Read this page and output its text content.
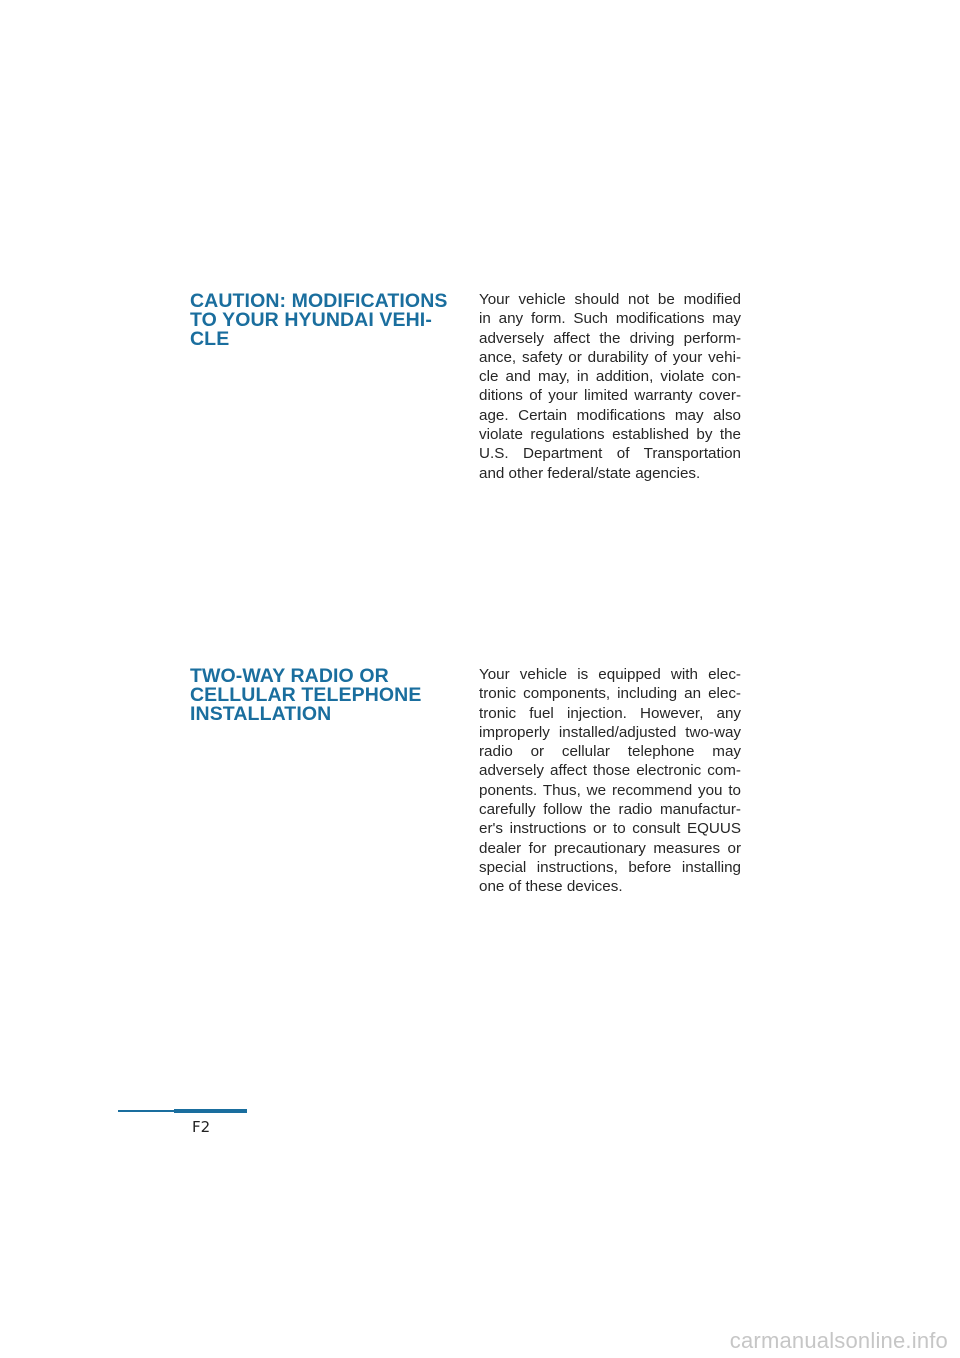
CAUTION: MODIFICATIONS
TO YOUR HYUNDAI VEHI-
CLE
Your vehicle should not be modified
in any form. Such modifications may
adversely affect the driving perform-
ance, safety or durability of your vehi-
cle and may, in addition, violate con-
ditions of your limited warranty cover-
age. Certain modifications may also
violate regulations established by the
U.S. Department of Transportation
and other federal/state agencies.
TWO-WAY RADIO OR
CELLULAR TELEPHONE
INSTALLATION
Your vehicle is equipped with elec-
tronic components, including an elec-
tronic fuel injection. However, any
improperly installed/adjusted two-way
radio or cellular telephone may
adversely affect those electronic com-
ponents. Thus, we recommend you to
carefully follow the radio manufactur-
er's instructions or to consult EQUUS
dealer for precautionary measures or
special instructions, before installing
one of these devices.
F2
carmanualsonline.info
